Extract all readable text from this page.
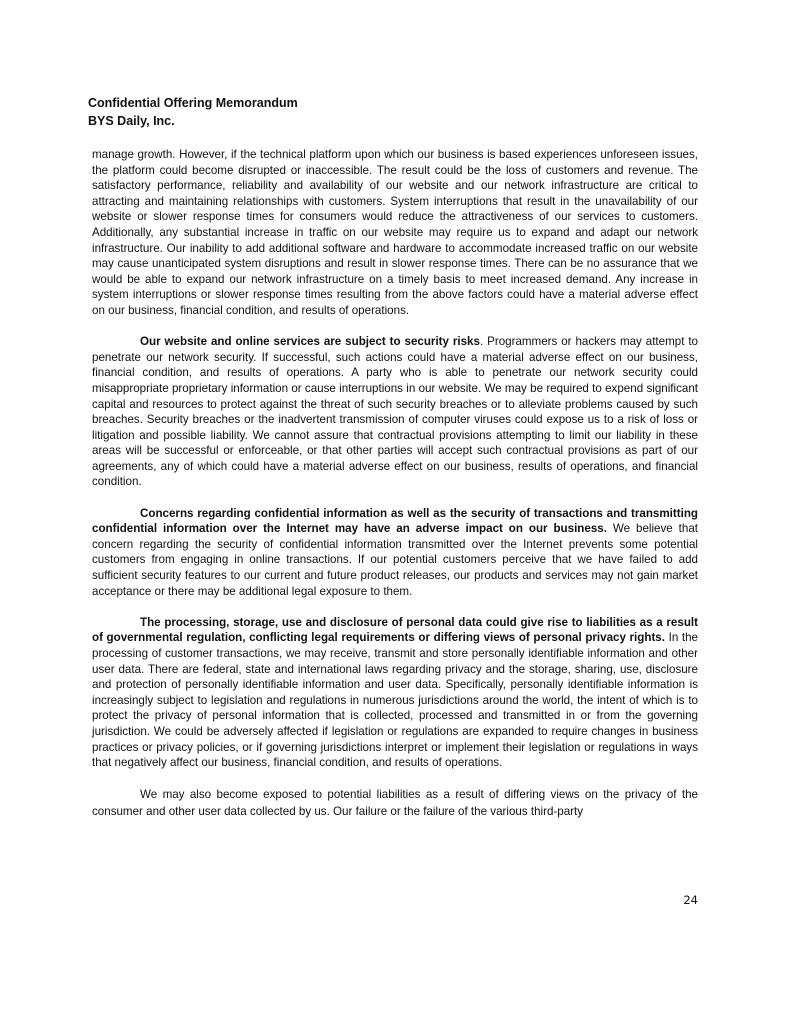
Confidential Offering Memorandum
BYS Daily, Inc.

manage growth. However, if the technical platform upon which our business is based experiences unforeseen issues, the platform could become disrupted or inaccessible. The result could be the loss of customers and revenue. The satisfactory performance, reliability and availability of our website and our network infrastructure are critical to attracting and maintaining relationships with customers. System interruptions that result in the unavailability of our website or slower response times for consumers would reduce the attractiveness of our services to customers. Additionally, any substantial increase in traffic on our website may require us to expand and adapt our network infrastructure. Our inability to add additional software and hardware to accommodate increased traffic on our website may cause unanticipated system disruptions and result in slower response times. There can be no assurance that we would be able to expand our network infrastructure on a timely basis to meet increased demand. Any increase in system interruptions or slower response times resulting from the above factors could have a material adverse effect on our business, financial condition, and results of operations.

Our website and online services are subject to security risks. Programmers or hackers may attempt to penetrate our network security. If successful, such actions could have a material adverse effect on our business, financial condition, and results of operations. A party who is able to penetrate our network security could misappropriate proprietary information or cause interruptions in our website. We may be required to expend significant capital and resources to protect against the threat of such security breaches or to alleviate problems caused by such breaches. Security breaches or the inadvertent transmission of computer viruses could expose us to a risk of loss or litigation and possible liability. We cannot assure that contractual provisions attempting to limit our liability in these areas will be successful or enforceable, or that other parties will accept such contractual provisions as part of our agreements, any of which could have a material adverse effect on our business, results of operations, and financial condition.

Concerns regarding confidential information as well as the security of transactions and transmitting confidential information over the Internet may have an adverse impact on our business. We believe that concern regarding the security of confidential information transmitted over the Internet prevents some potential customers from engaging in online transactions. If our potential customers perceive that we have failed to add sufficient security features to our current and future product releases, our products and services may not gain market acceptance or there may be additional legal exposure to them.

The processing, storage, use and disclosure of personal data could give rise to liabilities as a result of governmental regulation, conflicting legal requirements or differing views of personal privacy rights. In the processing of customer transactions, we may receive, transmit and store personally identifiable information and other user data. There are federal, state and international laws regarding privacy and the storage, sharing, use, disclosure and protection of personally identifiable information and user data. Specifically, personally identifiable information is increasingly subject to legislation and regulations in numerous jurisdictions around the world, the intent of which is to protect the privacy of personal information that is collected, processed and transmitted in or from the governing jurisdiction. We could be adversely affected if legislation or regulations are expanded to require changes in business practices or privacy policies, or if governing jurisdictions interpret or implement their legislation or regulations in ways that negatively affect our business, financial condition, and results of operations.

We may also become exposed to potential liabilities as a result of differing views on the privacy of the consumer and other user data collected by us. Our failure or the failure of the various third-party

24
